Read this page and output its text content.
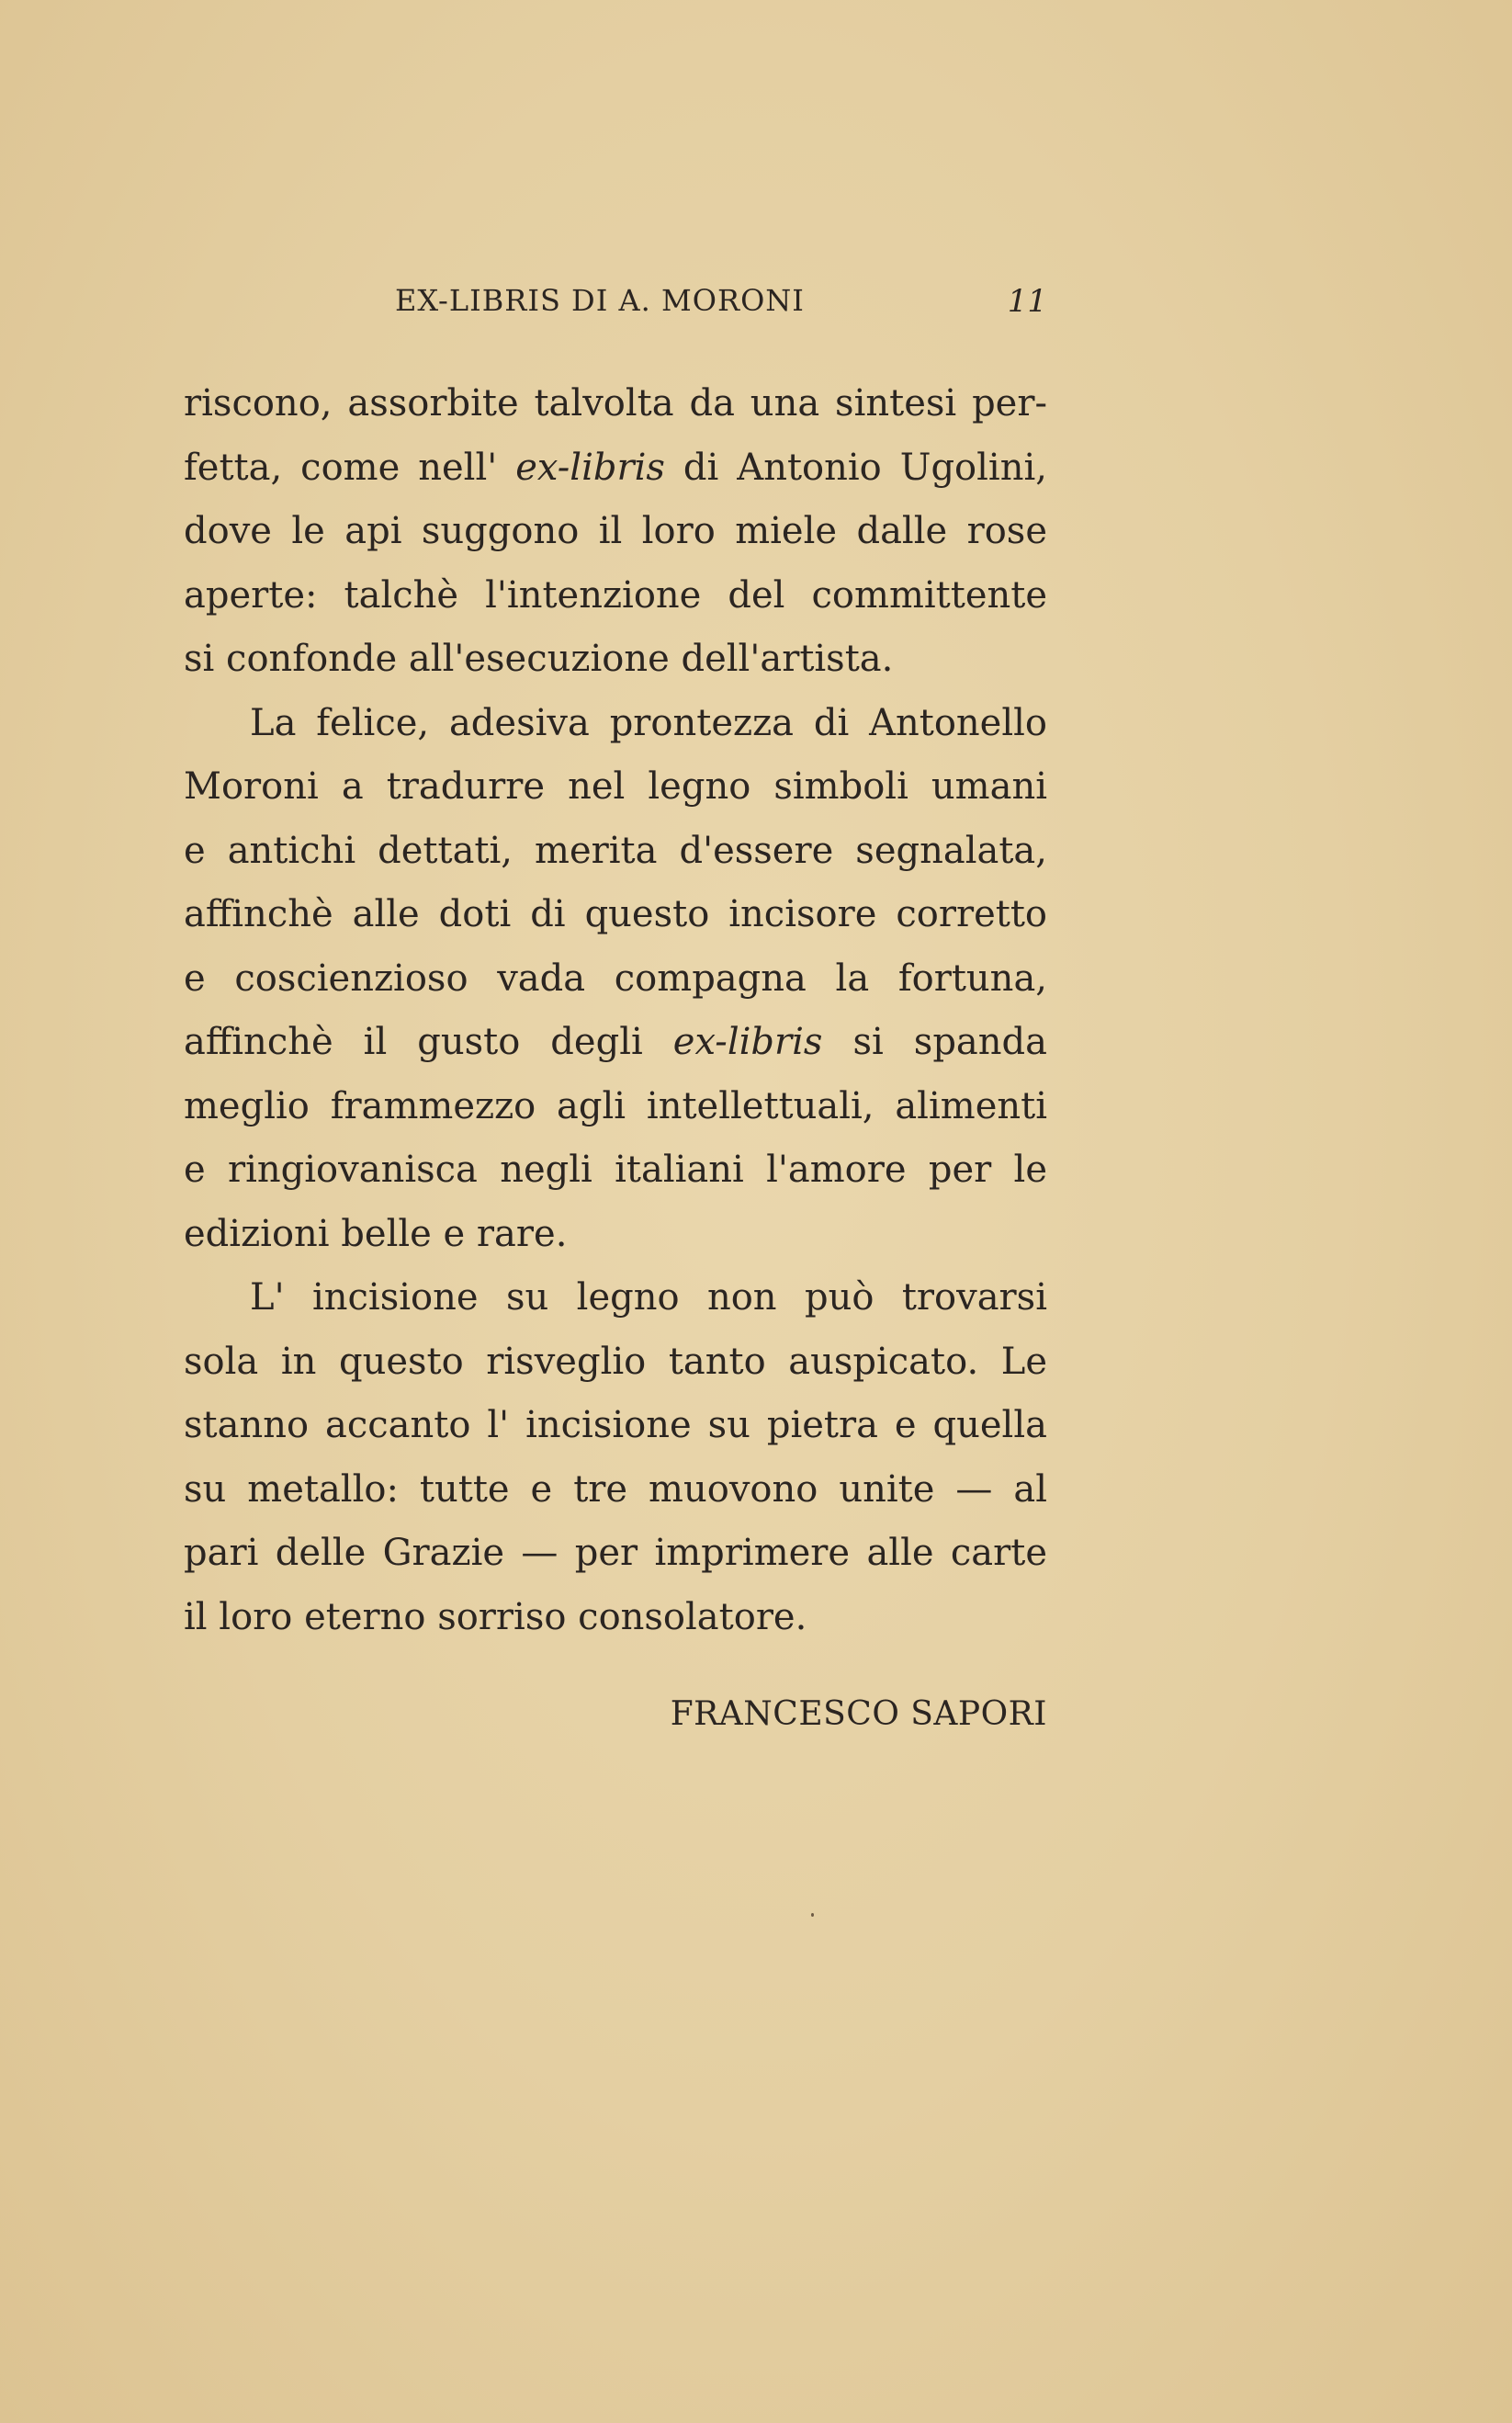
EX-LIBRIS DI A. MORONI	11
riscono, assorbite talvolta da una sintesi per-
fetta, come nell' ex-libris di Antonio Ugolini,
dove le api suggono il loro miele dalle rose
aperte: talchè l'intenzione del committente
si confonde all'esecuzione dell'artista.
La felice, adesiva prontezza di Antonello
Moroni a tradurre nel legno simboli umani
e antichi dettati, merita d'essere segnalata,
affinchè alle doti di questo incisore corretto
e coscienzioso vada compagna la fortuna,
affinchè il gusto degli ex-libris si spanda
meglio frammezzo agli intellettuali, alimenti
e ringiovanisca negli italiani l'amore per le
edizioni belle e rare.
L' incisione su legno non può trovarsi
sola in questo risveglio tanto auspicato. Le
stanno accanto l' incisione su pietra e quella
su metallo: tutte e tre muovono unite — al
pari delle Grazie — per imprimere alle carte
il loro eterno sorriso consolatore.
FRANCESCO SAPORI
